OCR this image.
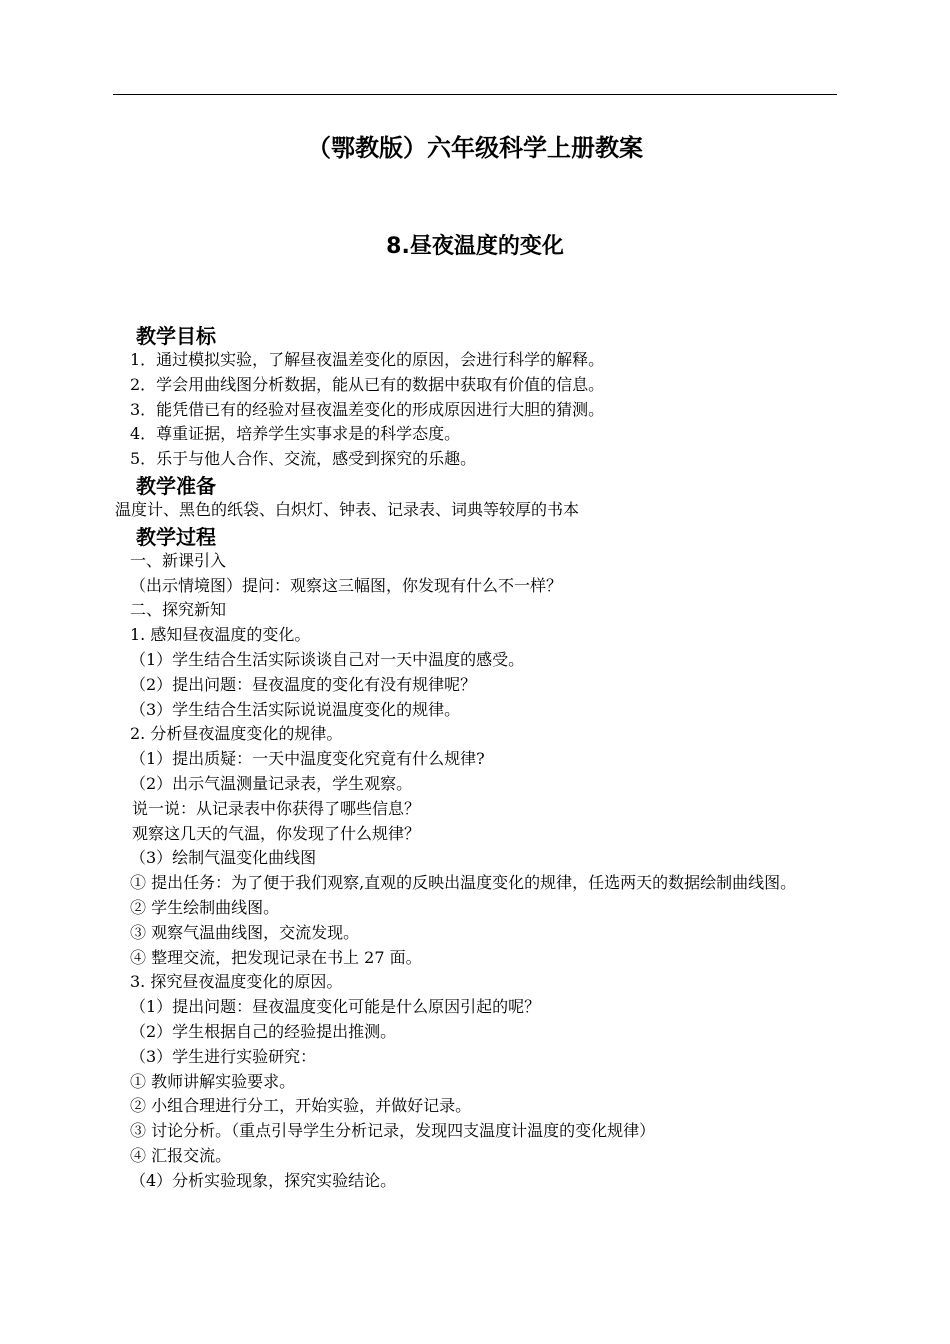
（鄂教版）六年级科学上册教案
8.昼夜温度的变化
教学目标
1．通过模拟实验，了解昼夜温差变化的原因，会进行科学的解释。
2．学会用曲线图分析数据，能从已有的数据中获取有价值的信息。
3．能凭借已有的经验对昼夜温差变化的形成原因进行大胆的猜测。
4．尊重证据，培养学生实事求是的科学态度。
5．乐于与他人合作、交流，感受到探究的乐趣。
教学准备
温度计、黑色的纸袋、白炽灯、钟表、记录表、词典等较厚的书本
教学过程
一、新课引入
（出示情境图）提问：观察这三幅图，你发现有什么不一样？
二、探究新知
1. 感知昼夜温度的变化。
（1）学生结合生活实际谈谈自己对一天中温度的感受。
（2）提出问题：昼夜温度的变化有没有规律呢？
（3）学生结合生活实际说说温度变化的规律。
2. 分析昼夜温度变化的规律。
（1）提出质疑：一天中温度变化究竟有什么规律?
（2）出示气温测量记录表，学生观察。
说一说：从记录表中你获得了哪些信息？
观察这几天的气温，你发现了什么规律？
（3）绘制气温变化曲线图
① 提出任务：为了便于我们观察,直观的反映出温度变化的规律，任选两天的数据绘制曲线图。
② 学生绘制曲线图。
③ 观察气温曲线图，交流发现。
④ 整理交流，把发现记录在书上 27 面。
3. 探究昼夜温度变化的原因。
（1）提出问题：昼夜温度变化可能是什么原因引起的呢？
（2）学生根据自己的经验提出推测。
（3）学生进行实验研究：
① 教师讲解实验要求。
② 小组合理进行分工，开始实验，并做好记录。
③ 讨论分析。（重点引导学生分析记录，发现四支温度计温度的变化规律）
④ 汇报交流。
（4）分析实验现象，探究实验结论。
